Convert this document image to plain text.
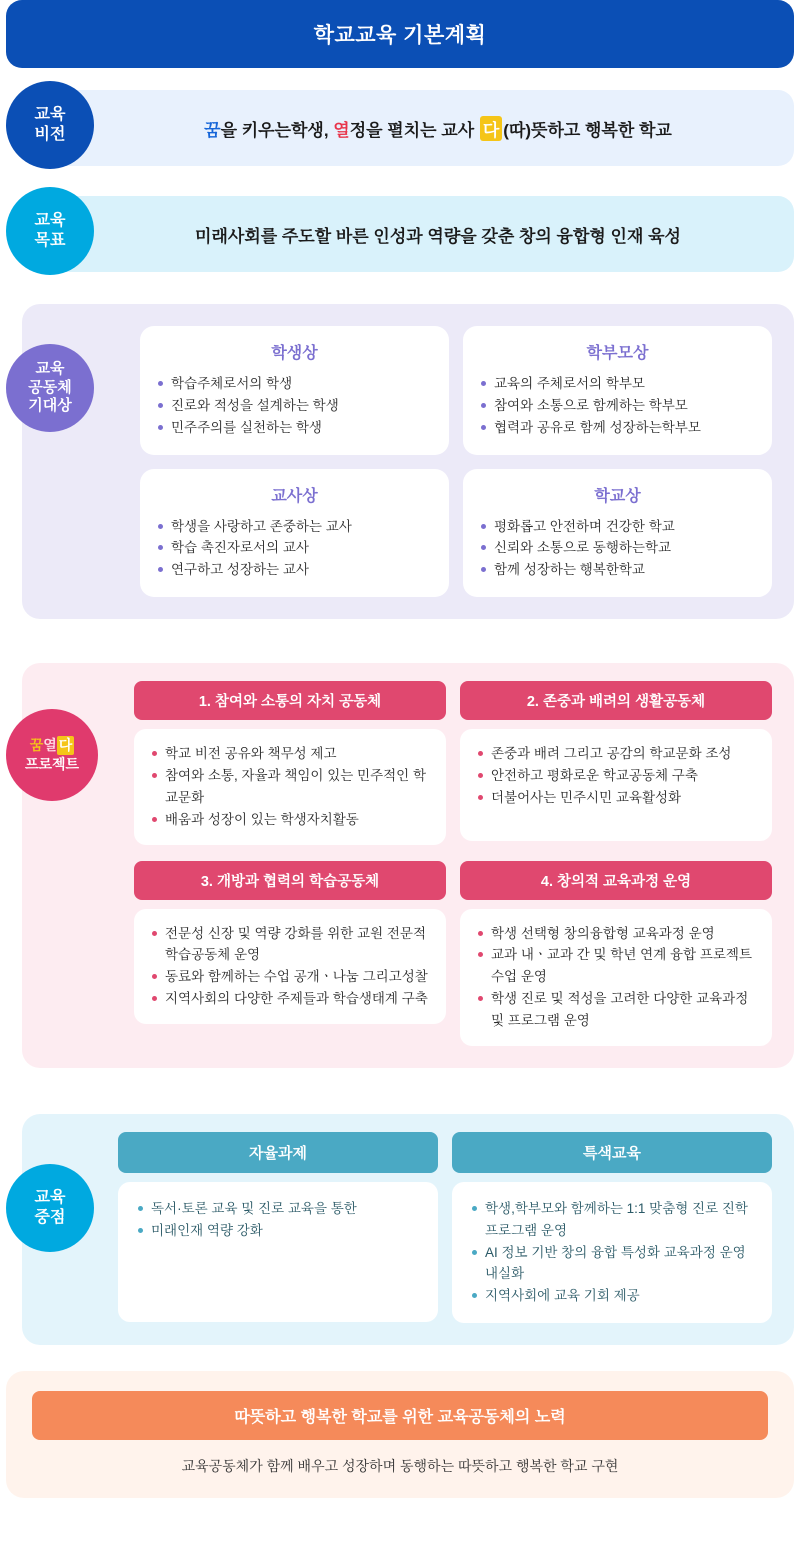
학교교육 기본계획
꿈을 키우는학생, 열정을 펼치는 교사 다 (따)뜻하고 행복한 학교
교육
비전
미래사회를 주도할 바른 인성과 역량을 갖춘 창의 융합형 인재 육성
교육
목표
학생상
학습주체로서의 학생
진로와 적성을 설계하는 학생
민주주의를 실천하는 학생
학부모상
교육의 주체로서의 학부모
참여와 소통으로 함께하는 학부모
협력과 공유로 함께 성장하는학부모
교사상
학생을 사랑하고 존중하는 교사
학습 촉진자로서의 교사
연구하고 성장하는 교사
학교상
평화롭고 안전하며 건강한 학교
신뢰와 소통으로 동행하는학교
함께 성장하는 행복한학교
교육
공동체
기대상
1. 참여와 소통의 자치 공동체
학교 비전 공유와 책무성 제고
참여와 소통, 자율과 책임이 있는 민주적인 학교문화
배움과 성장이 있는 학생자치활동
2. 존중과 배려의 생활공동체
존중과 배려 그리고 공감의 학교문화 조성
안전하고 평화로운 학교공동체 구축
더불어사는 민주시민 교육활성화
3. 개방과 협력의 학습공동체
전문성 신장 및 역량 강화를 위한 교원 전문적 학습공동체 운영
동료와 함께하는 수업 공개ㆍ나눔 그리고성찰
지역사회의 다양한 주제들과 학습생태계 구축
4. 창의적 교육과정 운영
학생 선택형 창의융합형 교육과정 운영
교과 내ㆍ교과 간 및 학년 연계 융합 프로젝트 수업 운영
학생 진로 및 적성을 고려한 다양한 교육과정 및 프로그램 운영
꿈열 다
프로젝트
자율과제
독서·토론 교육 및 진로 교육을 통한
미래인재 역량 강화
특색교육
학생,학부모와 함께하는 1:1 맞춤형 진로 진학 프로그램 운영
AI 정보 기반 창의 융합 특성화 교육과정 운영 내실화
지역사회에 교육 기회 제공
교육
중점
따뜻하고 행복한 학교를 위한 교육공동체의 노력
교육공동체가 함께 배우고 성장하며 동행하는 따뜻하고 행복한 학교 구현
